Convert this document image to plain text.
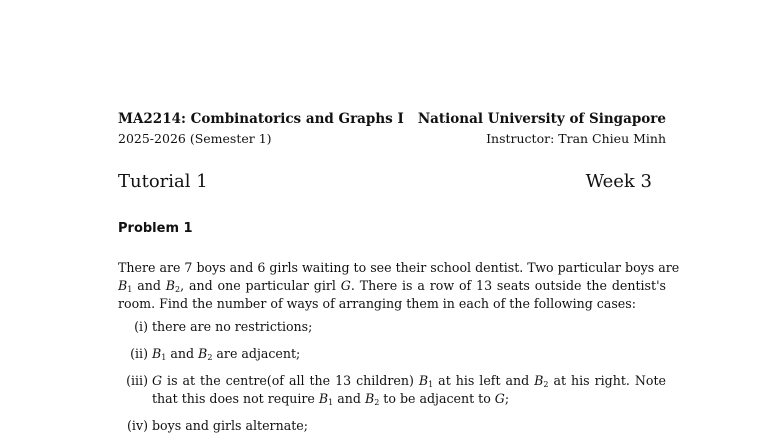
MA2214: Combinatorics and Graphs I National University of Singapore
2025-2026 (Semester 1)	Instructor: Tran Chieu Minh
Tutorial 1	Week 3
Problem 1
There are 7 boys and 6 girls waiting to see their school dentist. Two particular boys are
$B_1$ and $B_2$, and one particular girl G. There is a row of 13 seats outside the dentist's
room. Find the number of ways of arranging them in each of the following cases:
(i) there are no restrictions;
(ii) $B_1$ and $B_2$ are adjacent;
(iii) G is at the centre(of all the 13 children) $B_1$ at his left and $B_2$ at his right. Note
that this does not require $B_1$ and $B_2$ to be adjacent to G;
(iv) boys and girls alternate;
